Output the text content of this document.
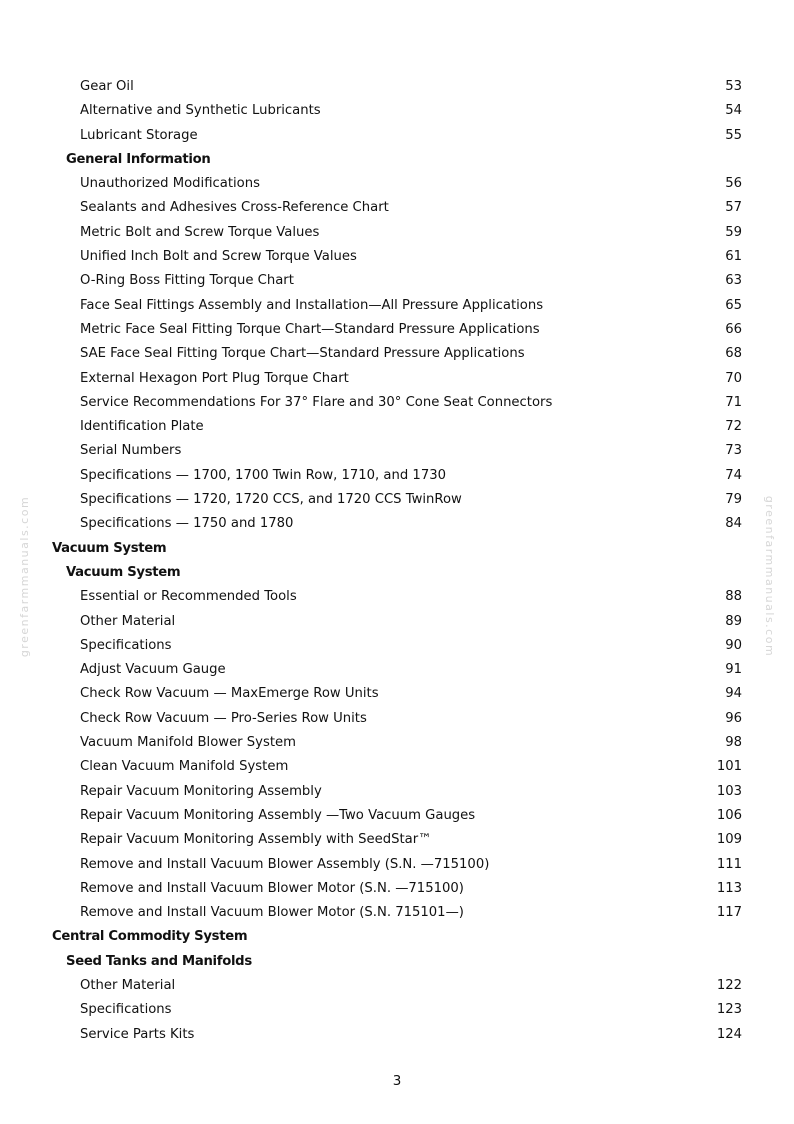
Gear Oil	53
Alternative and Synthetic Lubricants	54
Lubricant Storage	55
General Information
Unauthorized Modifications	56
Sealants and Adhesives Cross-Reference Chart	57
Metric Bolt and Screw Torque Values	59
Unified Inch Bolt and Screw Torque Values	61
O-Ring Boss Fitting Torque Chart	63
Face Seal Fittings Assembly and Installation—All Pressure Applications	65
Metric Face Seal Fitting Torque Chart—Standard Pressure Applications	66
SAE Face Seal Fitting Torque Chart—Standard Pressure Applications	68
External Hexagon Port Plug Torque Chart	70
Service Recommendations For 37° Flare and 30° Cone Seat Connectors	71
Identification Plate	72
Serial Numbers	73
Specifications — 1700, 1700 Twin Row, 1710, and 1730	74
Specifications — 1720, 1720 CCS, and 1720 CCS TwinRow	79
Specifications — 1750 and 1780	84
Vacuum System
Vacuum System
Essential or Recommended Tools	88
Other Material	89
Specifications	90
Adjust Vacuum Gauge	91
Check Row Vacuum — MaxEmerge Row Units	94
Check Row Vacuum — Pro-Series Row Units	96
Vacuum Manifold Blower System	98
Clean Vacuum Manifold System	101
Repair Vacuum Monitoring Assembly	103
Repair Vacuum Monitoring Assembly —Two Vacuum Gauges	106
Repair Vacuum Monitoring Assembly with SeedStar™	109
Remove and Install Vacuum Blower Assembly (S.N. —715100)	111
Remove and Install Vacuum Blower Motor (S.N. —715100)	113
Remove and Install Vacuum Blower Motor (S.N. 715101—)	117
Central Commodity System
Seed Tanks and Manifolds
Other Material	122
Specifications	123
Service Parts Kits	124
greenfarmmanuals.com	greenfarmmanuals.com
3
